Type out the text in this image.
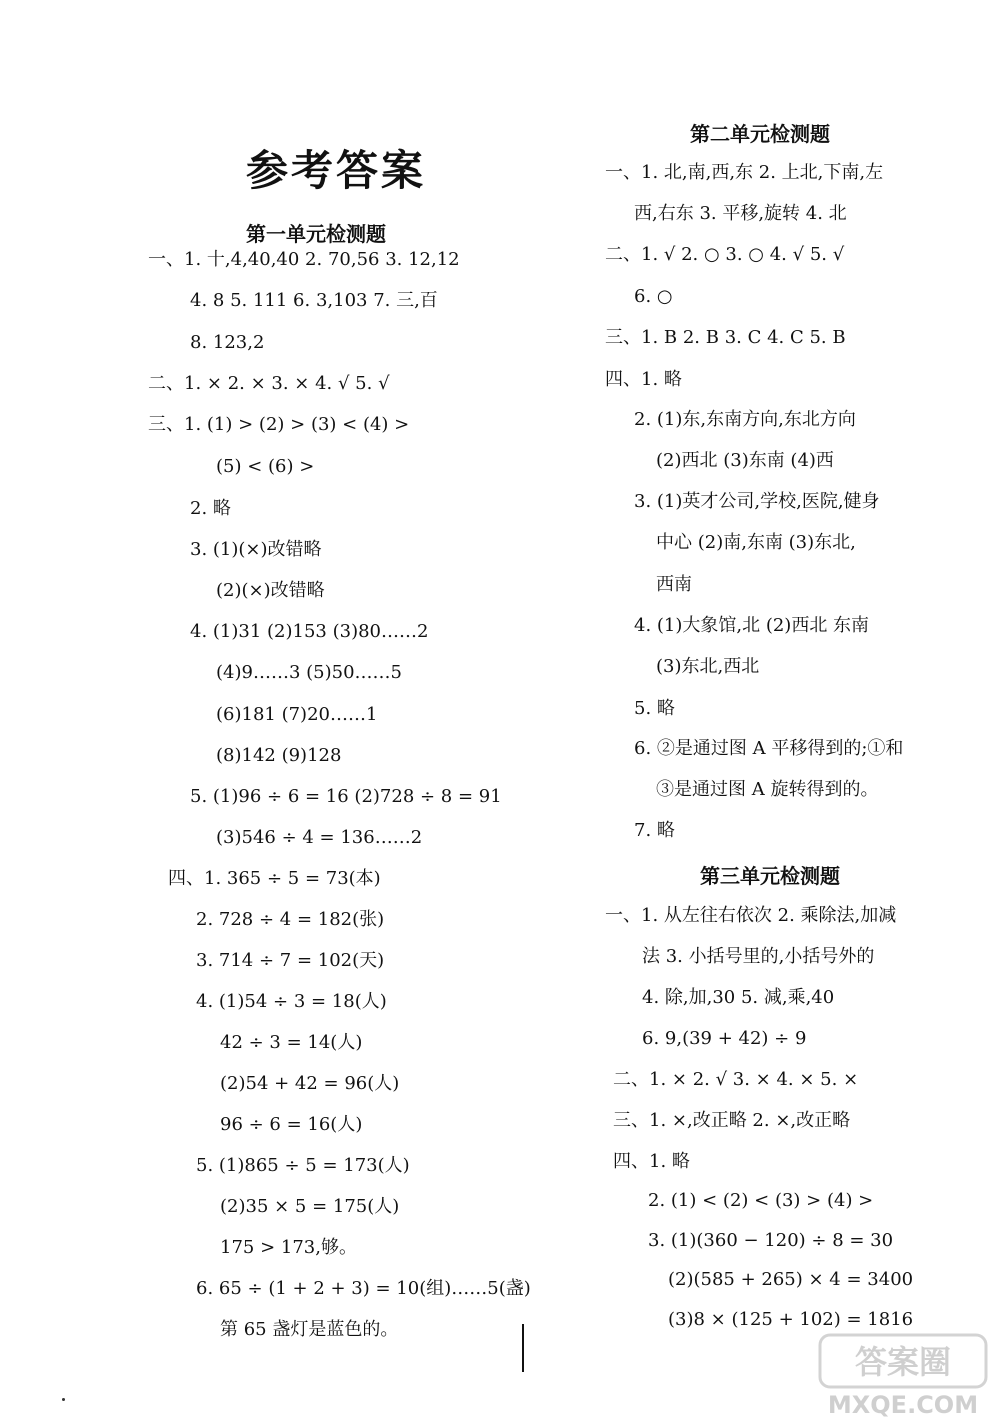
参考答案
第一单元检测题
一、1. 十,4,40,40 2. 70,56 3. 12,12
4. 8 5. 111 6. 3,103 7. 三,百
8. 123,2
二、1. × 2. × 3. × 4. √ 5. √
三、1. (1) > (2) > (3) < (4) >
(5) < (6) >
2. 略
3. (1)(×)改错略
(2)(×)改错略
4. (1)31 (2)153 (3)80……2
(4)9……3 (5)50……5
(6)181 (7)20……1
(8)142 (9)128
5. (1)96 ÷ 6 = 16 (2)728 ÷ 8 = 91
(3)546 ÷ 4 = 136……2
四、1. 365 ÷ 5 = 73(本)
2. 728 ÷ 4 = 182(张)
3. 714 ÷ 7 = 102(天)
4. (1)54 ÷ 3 = 18(人)
42 ÷ 3 = 14(人)
(2)54 + 42 = 96(人)
96 ÷ 6 = 16(人)
5. (1)865 ÷ 5 = 173(人)
(2)35 × 5 = 175(人)
175 > 173,够。
6. 65 ÷ (1 + 2 + 3) = 10(组)……5(盏)
第 65 盏灯是蓝色的。
第二单元检测题
一、1. 北,南,西,东 2. 上北,下南,左
西,右东 3. 平移,旋转 4. 北
二、1. √ 2. ○ 3. ○ 4. √ 5. √
6. ○
三、1. B 2. B 3. C 4. C 5. B
四、1. 略
2. (1)东,东南方向,东北方向
(2)西北 (3)东南 (4)西
3. (1)英才公司,学校,医院,健身
中心 (2)南,东南 (3)东北,
西南
4. (1)大象馆,北 (2)西北 东南
(3)东北,西北
5. 略
6. ②是通过图 A 平移得到的;①和
③是通过图 A 旋转得到的。
7. 略
第三单元检测题
一、1. 从左往右依次 2. 乘除法,加减
法 3. 小括号里的,小括号外的
4. 除,加,30 5. 减,乘,40
6. 9,(39 + 42) ÷ 9
二、1. × 2. √ 3. × 4. × 5. ×
三、1. ×,改正略 2. ×,改正略
四、1. 略
2. (1) < (2) < (3) > (4) >
3. (1)(360 − 120) ÷ 8 = 30
(2)(585 + 265) × 4 = 3400
(3)8 × (125 + 102) = 1816
答案圈
MXQE.COM
